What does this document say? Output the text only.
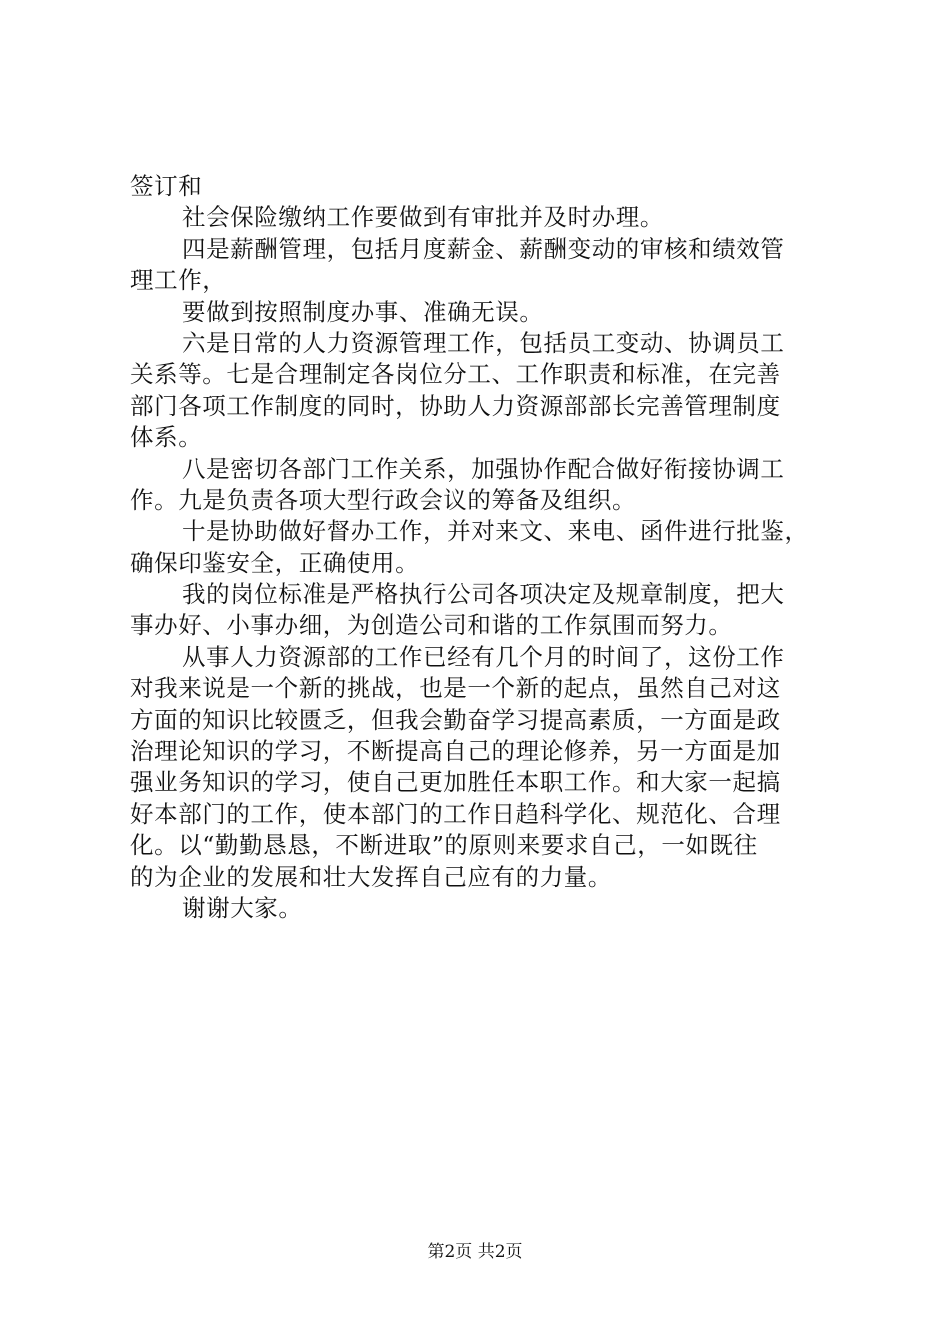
签订和
社会保险缴纳工作要做到有审批并及时办理。
四是薪酬管理，包括月度薪金、薪酬变动的审核和绩效管
理工作，
要做到按照制度办事、准确无误。
六是日常的人力资源管理工作，包括员工变动、协调员工
关系等。七是合理制定各岗位分工、工作职责和标准，在完善
部门各项工作制度的同时，协助人力资源部部长完善管理制度
体系。
八是密切各部门工作关系，加强协作配合做好衔接协调工
作。九是负责各项大型行政会议的筹备及组织。
十是协助做好督办工作，并对来文、来电、函件进行批鉴，
确保印鉴安全，正确使用。
我的岗位标准是严格执行公司各项决定及规章制度，把大
事办好、小事办细，为创造公司和谐的工作氛围而努力。
从事人力资源部的工作已经有几个月的时间了，这份工作
对我来说是一个新的挑战，也是一个新的起点，虽然自己对这
方面的知识比较匮乏，但我会勤奋学习提高素质，一方面是政
治理论知识的学习，不断提高自己的理论修养，另一方面是加
强业务知识的学习，使自己更加胜任本职工作。和大家一起搞
好本部门的工作，使本部门的工作日趋科学化、规范化、合理
化。以“勤勤恳恳，不断进取”的原则来要求自己，一如既往
的为企业的发展和壮大发挥自己应有的力量。
谢谢大家。
第2页 共2页
